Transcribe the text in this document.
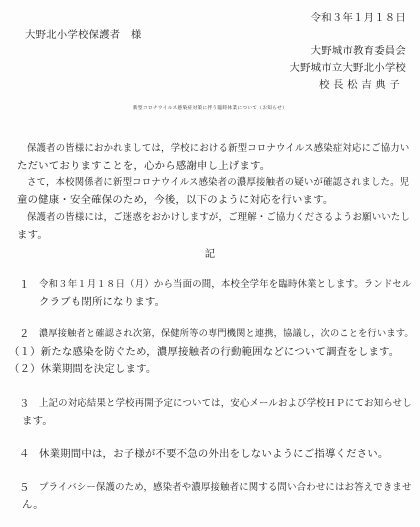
令和３年１月１８日
大野北小学校保護者　様
大野城市教育委員会
大野城市立大野北小学校
校 長 松 吉 典 子
新型コロナウイルス感染症対策に伴う臨時休業について（お知らせ）
保護者の皆様におかれましては，学校における新型コロナウイルス感染症対応にご協力い
ただいておりますことを，心から感謝申し上げます。
さて，本校関係者に新型コロナウイルス感染者の濃厚接触者の疑いが確認されました。児
童の健康・安全確保のため，今後，以下のように対応を行います。
保護者の皆様には，ご迷惑をおかけしますが，ご理解・ご協力くださるようお願いいたし
ます。
記
１ 令和３年１月１８日（月）から当面の間，本校全学年を臨時休業とします。ランドセル
クラブも閉所になります。
２ 濃厚接触者と確認され次第，保健所等の専門機関と連携，協議し，次のことを行います。
（１）新たな感染を防ぐため，濃厚接触者の行動範囲などについて調査をします。
（２）休業期間を決定します。
３ 上記の対応結果と学校再開予定については，安心メールおよび学校ＨＰにてお知らせし
ます。
４ 休業期間中は，お子様が不要不急の外出をしないようにご指導ください。
５ プライバシー保護のため，感染者や濃厚接触者に関する問い合わせにはお答えできませ
ん。
